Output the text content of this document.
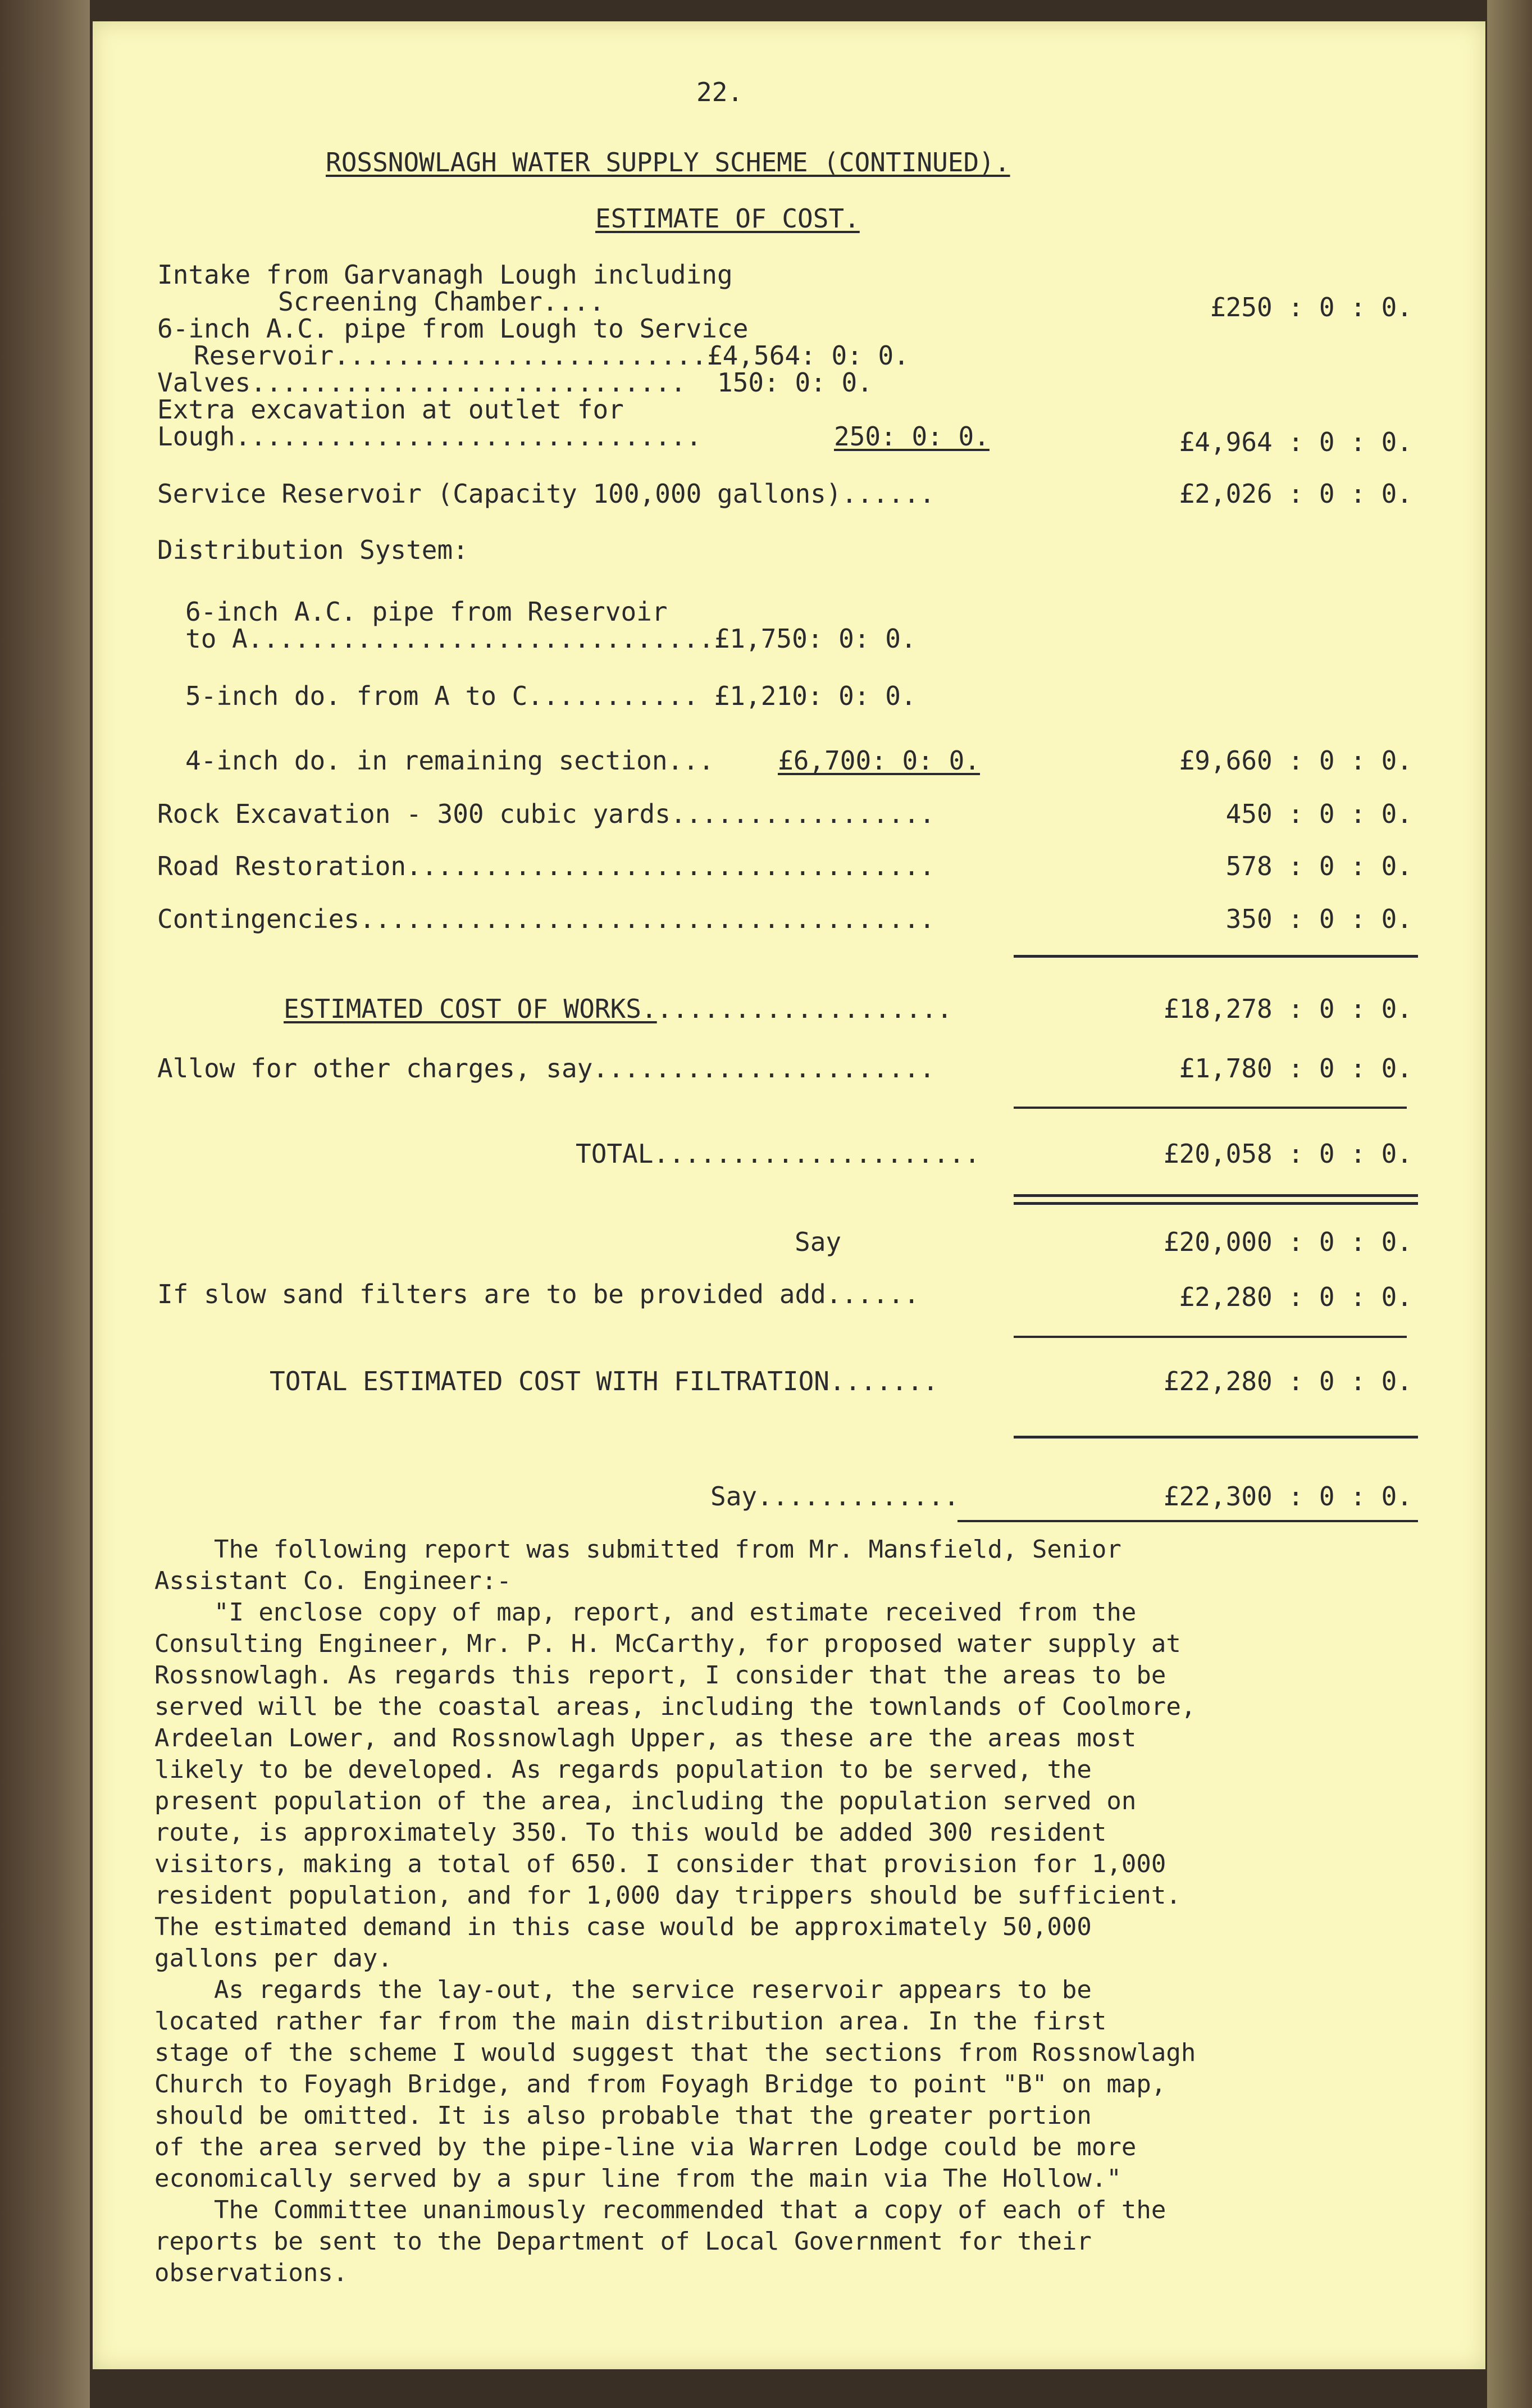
22.
ROSSNOWLAGH WATER SUPPLY SCHEME (CONTINUED).
ESTIMATE OF COST.
Intake from Garvanagh Lough including
Screening Chamber....	£250 : 0 : 0.
6-inch A.C. pipe from Lough to Service
Reservoir........................£4,564: 0: 0.
Valves............................  150: 0: 0.
Extra excavation at outlet for
Lough..............................	250: 0: 0.	£4,964 : 0 : 0.
Service Reservoir (Capacity 100,000 gallons)......	£2,026 : 0 : 0.
Distribution System:
6-inch A.C. pipe from Reservoir
to A..............................£1,750: 0: 0.
5-inch do. from A to C........... £1,210: 0: 0.
4-inch do. in remaining section... £6,700: 0: 0.	£9,660 : 0 : 0.
Rock Excavation - 300 cubic yards.................	450 : 0 : 0.
Road Restoration..................................	578 : 0 : 0.
Contingencies.....................................	350 : 0 : 0.
ESTIMATED COST OF WORKS....................	£18,278 : 0 : 0.
Allow for other charges, say......................	£1,780 : 0 : 0.
TOTAL.....................	£20,058 : 0 : 0.
Say	£20,000 : 0 : 0.
If slow sand filters are to be provided add......	£2,280 : 0 : 0.
TOTAL ESTIMATED COST WITH FILTRATION.......	£22,280 : 0 : 0.
Say.............	£22,300 : 0 : 0.
The following report was submitted from Mr. Mansfield, Senior
Assistant Co. Engineer:-
"I enclose copy of map, report, and estimate received from the
Consulting Engineer, Mr. P. H. McCarthy, for proposed water supply at
Rossnowlagh. As regards this report, I consider that the areas to be
served will be the coastal areas, including the townlands of Coolmore,
Ardeelan Lower, and Rossnowlagh Upper, as these are the areas most
likely to be developed. As regards population to be served, the
present population of the area, including the population served on
route, is approximately 350. To this would be added 300 resident
visitors, making a total of 650. I consider that provision for 1,000
resident population, and for 1,000 day trippers should be sufficient.
The estimated demand in this case would be approximately 50,000
gallons per day.
As regards the lay-out, the service reservoir appears to be
located rather far from the main distribution area. In the first
stage of the scheme I would suggest that the sections from Rossnowlagh
Church to Foyagh Bridge, and from Foyagh Bridge to point "B" on map,
should be omitted. It is also probable that the greater portion
of the area served by the pipe-line via Warren Lodge could be more
economically served by a spur line from the main via The Hollow."
The Committee unanimously recommended that a copy of each of the
reports be sent to the Department of Local Government for their
observations.
